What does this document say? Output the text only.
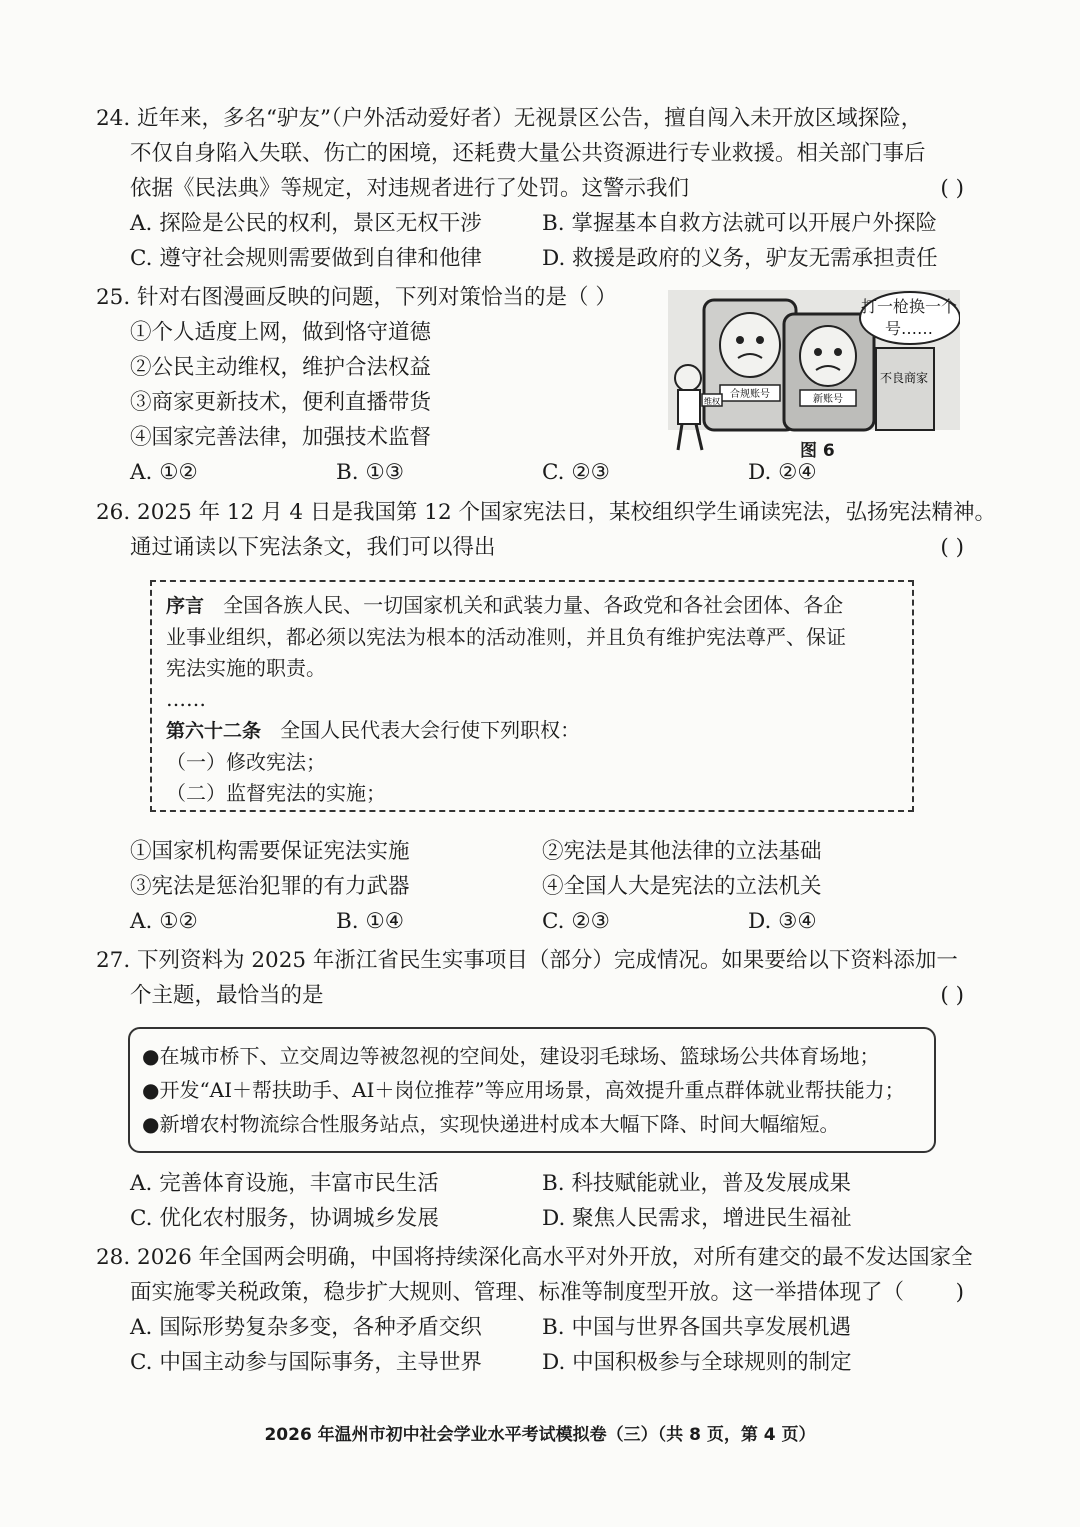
24. 近年来，多名“驴友”（户外活动爱好者）无视景区公告，擅自闯入未开放区域探险，
不仅自身陷入失联、伤亡的困境，还耗费大量公共资源进行专业救援。相关部门事后
依据《民法典》等规定，对违规者进行了处罚。这警示我们	( )
A. 探险是公民的权利，景区无权干涉	B. 掌握基本自救方法就可以开展户外探险
C. 遵守社会规则需要做到自律和他律	D. 救援是政府的义务，驴友无需承担责任
25. 针对右图漫画反映的问题，下列对策恰当的是（ ）
①个人适度上网，做到恪守道德
②公民主动维权，维护合法权益
③商家更新技术，便利直播带货
④国家完善法律，加强技术监督
A. ①②	B. ①③	C. ②③	D. ②④
合规账号	新账号
不良商家
维权
打一枪换一个号……
图 6
26. 2025 年 12 月 4 日是我国第 12 个国家宪法日，某校组织学生诵读宪法，弘扬宪法精神。
通过诵读以下宪法条文，我们可以得出	( )
序言 全国各族人民、一切国家机关和武装力量、各政党和各社会团体、各企
业事业组织，都必须以宪法为根本的活动准则，并且负有维护宪法尊严、保证
宪法实施的职责。
……
第六十二条 全国人民代表大会行使下列职权：
（一）修改宪法；
（二）监督宪法的实施；
①国家机构需要保证宪法实施	②宪法是其他法律的立法基础
③宪法是惩治犯罪的有力武器	④全国人大是宪法的立法机关
A. ①②	B. ①④	C. ②③	D. ③④
27. 下列资料为 2025 年浙江省民生实事项目（部分）完成情况。如果要给以下资料添加一
个主题，最恰当的是	( )
●在城市桥下、立交周边等被忽视的空间处，建设羽毛球场、篮球场公共体育场地；
●开发“AI＋帮扶助手、AI＋岗位推荐”等应用场景，高效提升重点群体就业帮扶能力；
●新增农村物流综合性服务站点，实现快递进村成本大幅下降、时间大幅缩短。
A. 完善体育设施，丰富市民生活	B. 科技赋能就业，普及发展成果
C. 优化农村服务，协调城乡发展	D. 聚焦人民需求，增进民生福祉
28. 2026 年全国两会明确，中国将持续深化高水平对外开放，对所有建交的最不发达国家全
面实施零关税政策，稳步扩大规则、管理、标准等制度型开放。这一举措体现了（ )
A. 国际形势复杂多变，各种矛盾交织	B. 中国与世界各国共享发展机遇
C. 中国主动参与国际事务，主导世界	D. 中国积极参与全球规则的制定
2026 年温州市初中社会学业水平考试模拟卷（三）（共 8 页，第 4 页）
